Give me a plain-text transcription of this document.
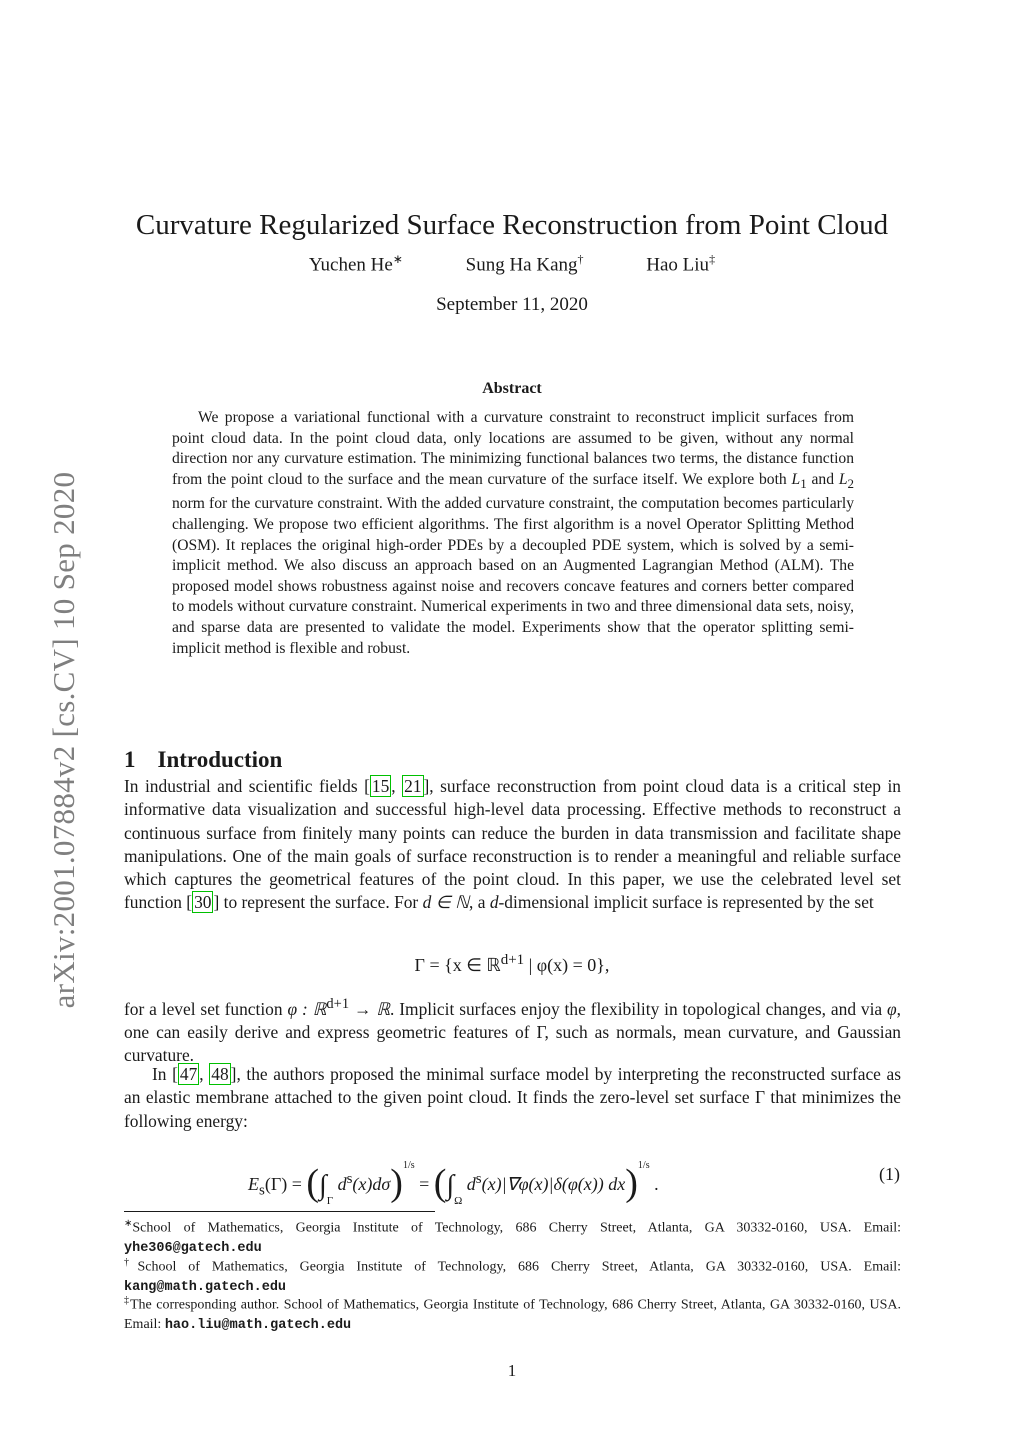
arXiv:2001.07884v2 [cs.CV] 10 Sep 2020
Curvature Regularized Surface Reconstruction from Point Cloud
Yuchen He∗	Sung Ha Kang†	Hao Liu‡
September 11, 2020
Abstract

We propose a variational functional with a curvature constraint to reconstruct implicit surfaces from point cloud data. In the point cloud data, only locations are assumed to be given, without any normal direction nor any curvature estimation. The minimizing functional balances two terms, the distance function from the point cloud to the surface and the mean curvature of the surface itself. We explore both $L_1$ and $L_2$ norm for the curvature constraint. With the added curvature constraint, the computation becomes particularly challenging. We propose two efficient algorithms. The first algorithm is a novel Operator Splitting Method (OSM). It replaces the original high-order PDEs by a decoupled PDE system, which is solved by a semi-implicit method. We also discuss an approach based on an Augmented Lagrangian Method (ALM). The proposed model shows robustness against noise and recovers concave features and corners better compared to models without curvature constraint. Numerical experiments in two and three dimensional data sets, noisy, and sparse data are presented to validate the model. Experiments show that the operator splitting semi-implicit method is flexible and robust.

1 Introduction

In industrial and scientific fields [ 15 , 21 ], surface reconstruction from point cloud data is a critical step in informative data visualization and successful high-level data processing. Effective methods to reconstruct a continuous surface from finitely many points can reduce the burden in data transmission and facilitate shape manipulations. One of the main goals of surface reconstruction is to render a meaningful and reliable surface which captures the geometrical features of the point cloud. In this paper, we use the celebrated level set function [ 30 ] to represent the surface. For d ∈ ℕ, a d-dimensional implicit surface is represented by the set

Γ = {x ∈ ℝ$^{d+1}$ | φ(x) = 0},

for a level set function φ : ℝ$^{d+1}$ → ℝ. Implicit surfaces enjoy the flexibility in topological changes, and via φ, one can easily derive and express geometric features of Γ, such as normals, mean curvature, and Gaussian curvature.

In [ 47 , 48 ], the authors proposed the minimal surface model by interpreting the reconstructed surface as an elastic membrane attached to the given point cloud. It finds the zero-level set surface Γ that minimizes the following energy:

$E_s(\Gamma) = (\int_\Gamma$ $d^s(x)d\sigma)^{1/s} = (\int_\Omega$ $d^s(x)|\nabla\varphi(x)|\delta(\varphi(x))$ dx)$^{1/s}$ .
(1)

∗School of Mathematics, Georgia Institute of Technology, 686 Cherry Street, Atlanta, GA 30332-0160, USA. Email: yhe306@gatech.edu

†School of Mathematics, Georgia Institute of Technology, 686 Cherry Street, Atlanta, GA 30332-0160, USA. Email: kang@math.gatech.edu

‡The corresponding author. School of Mathematics, Georgia Institute of Technology, 686 Cherry Street, Atlanta, GA 30332-0160, USA. Email: hao.liu@math.gatech.edu

1
